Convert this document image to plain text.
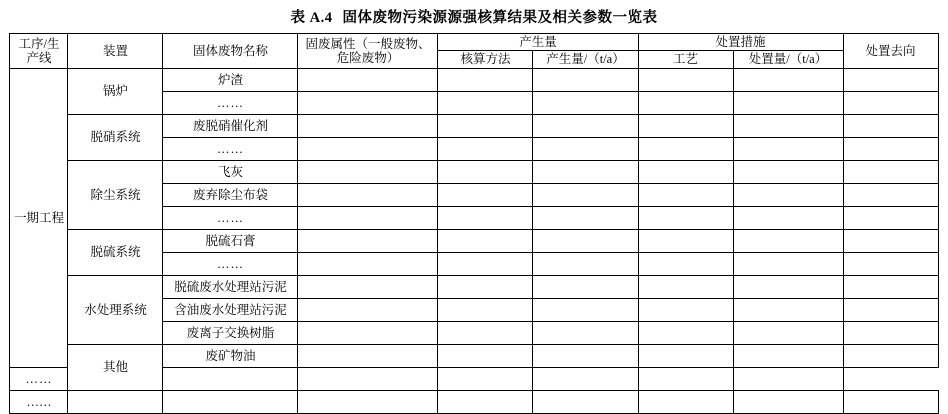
表 A.4 固体废物污染源源强核算结果及相关参数一览表
工序/生产线	装置	固体废物名称	固废属性（一般废物、危险废物）	产生量		处置措施		处置去向
				核算方法	产生量/（t/a）	工艺	处置量/（t/a）	
一期工程	锅炉	炉渣						
		……						
	脱硝系统	废脱硝催化剂						
		……						
	除尘系统	飞灰						
		废弃除尘布袋						
		……						
	脱硫系统	脱硫石膏						
		……						
	水处理系统	脱硫废水处理站污泥						
		含油废水处理站污泥						
		废离子交换树脂						
	其他	废矿物油						
……								
……								
